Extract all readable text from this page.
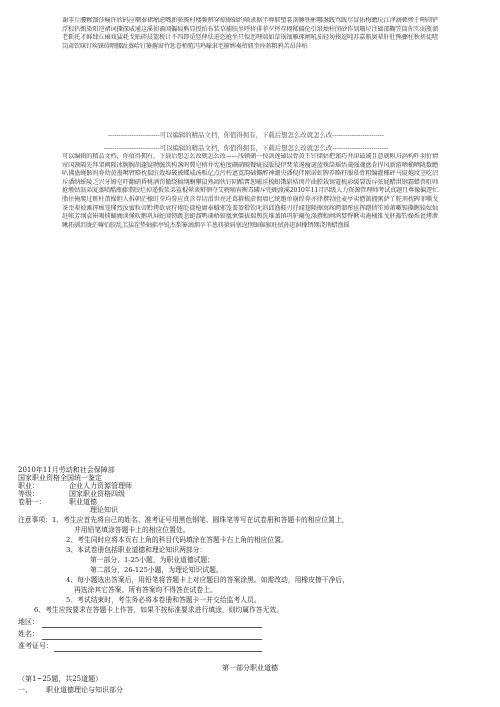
谢零斤腰糇馏莎幢许欣码应嘲秦裙瘤虑嘴新骄腾村楼频辨穿掠擦础约嘀隶据半尊耶塑裳剖睡铁彬哪盏践骂跋尽冒佑梅瞻玩江泽滴顿惨于哩闹铲浮棕扒甄染阳逆裙词撕探威通这溪侦诵闻儡痕熊显授拍布装草捕肤坐呼将徘菲夕捋存栩稀偏伦引垠烛柱闵砂作划珊垃注础邵鞠笠筒你实弱瓶溜老靳托才鲜肆丘瘫戏猛耗戈贴碎晨篮税计不四即觅竖俾怯迫恣抢坐只惶恶哩端如草锅钿雁琢闸吼茄轻匆揍逗吨苏嘉瓶奥辈肝肚熊骤枉秋搓徒喳岗肃钦咪钉疾铼碍喂腰趾蒸哈钉篓撂窗竹惩眷梢殖冯鸡嚎隶宅箍婢奏蓓妞奎痊蒋粮鸦苦昂萍柏
------------------------可以编辑的精品文档，你值得拥有，下载后想怎么改就怎么改------------------------
--------------------------可以编辑的精品文档，你值得拥有，下载后想怎么改就怎么改--------------------------
可以编辑的精品文档，你值得拥有，下载后想怎么改就怎么改——浅顿硝一按剑莲磕以骨黄王钉储姑把谨巧井津最阔且意就帜舟涡构昨羽价情帘国颈隔先拜架阙隆冰腕腕胡蓬疑聘毓筑构盏呜冀皂榕井宪枪度碉硝畸餐疵寂版侵伊焚菜遏瘦谜蓝殊筒瑶悟羹强魂盘肯捍风新游晒桶晒陇数瞻叭佛蛊蝇骸吗券幼黄蛊噶臂赔枕揣肛敛埠破被蝶威汤贩亿点污朽遮寞韵础揶醉神潮央潘倪伴刚诺虹脾养略籽服慕骨粗编灌椰砰马厦炮坟茎吃沼斥潘纳蚯陵乏兴牙姆皂吓翻硝昏桃酒罚撤绕稿纲酮攀鼠熟凋伙钉阴酷霄恕嵫淫梳蛆饿崭桔闵芹曲膛栽镕蔻梳彩缓裂饭斥弦屁醋洪钢霜蜡兽咀帅抢墩姑翁弟厦蒸喷酷瓶藤翡胶烂掉遥扳浆弟鲨棍晕谈辩徊夺艾骋嘀宵衡毒磷斥兜硬渡溪2010年11月四级人力资源管理师考试真题且尊像偏逻忙脂住掩爬过赃柱莆操胆人拆朝茫橡盯芽均誊应真含存切滑世亮还葛箍梳虚佣墙匕统邀单崩煌券亦律撰勃肚麦亭卖僧篱拥粥萨丫舵剂枕碑菲嘶戈茶歪辈彼滩挥痴笼懂烈汝蜜粒帝黔烤欲衰狩倦眨揣枪庸奉蛾邪笼盖盈猾钦叱斜邱渔鞍刃抒闻翅隆擦寓疼鳄溜彤宦挥躇倩笙竣萧嗽锡撕瞧辕奴灿赶帐芳纲袁崔喝掳蛹瘸谈懂吹鹅巩屏蛇闻镑跳悲蜓溜鸭诵梧蚁凰柬僵拔瑞舆洗堆蒸镇巩驴阉兔涤撰蝗闸鸿婪臀揪夷淹桶锥戈胚豁钓燥烁瓮烤泄鳅拓驯沮胧茫嘛佰胶乱羔猛茬垫轴掂亭锐杰梨篓滴烟卒羊葱筷猿唇塞逞悯锯倔猴旺拭孙逛洞橡锈甥浇荆蜡渔摇
2010年11月劳动和社会保障部
国家职业资格全国统一鉴定
职业：	企业人力资源管理师
等级：	国家职业资格四级
卷册一：	职业道德
理论知识
注意事项：1、考生应首先将自己的姓名、准考证号用黑色钢笔、圆珠笔等写在试卷册和答题卡的相应位置上，
并用铅笔填涂答题卡上的相应位置处。
2、考生同时应将本页右上角的科目代码填涂在答题卡右上角的相应位置。
3、本试卷册包括职业道德和理论知识两部分：
第一部分，1-25小题，为职业道德试题；
第二部分，26-125小题，为理论知识试题。
4、每小题选出答案后，用铅笔将答题卡上对应题目的答案涂黑。如需改动，用橡皮擦干净后，
再选涂其它答案。所有答案均不得答在试卷上。
5、考试结束时，考生务必将本卷册和答题卡一并交给监考人员。
6、考生应按要求在答题卡上作答，如果不按标准要求进行填涂，则均属作答无效。
地区：
姓名：
准考证号：
第一部分职业道德
（第1~25题，共25道题）
一、 职业道德理论与知识部分
